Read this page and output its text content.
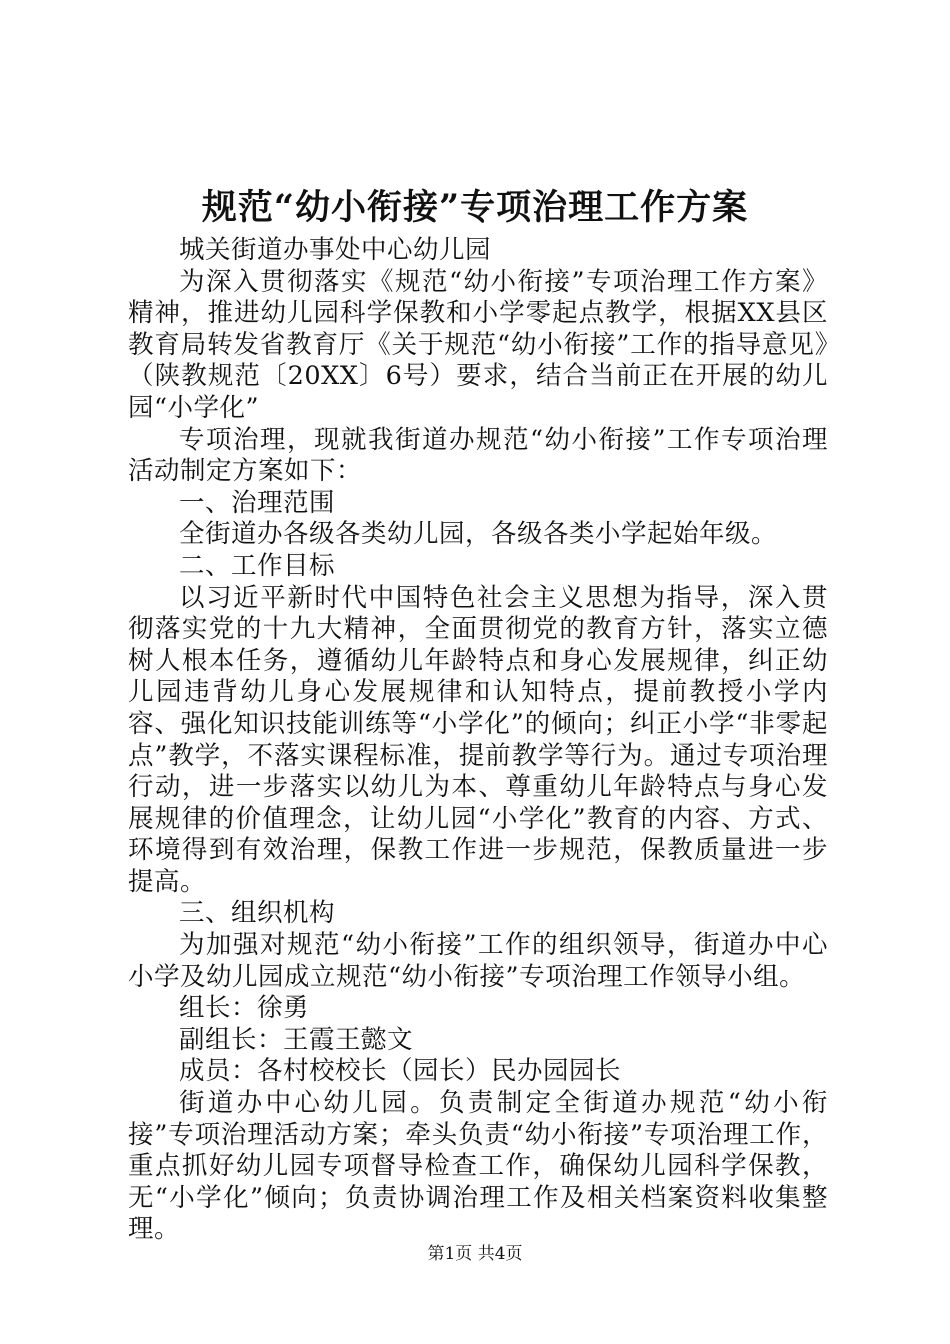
规范“幼小衔接”专项治理工作方案

城关街道办事处中心幼儿园

为深入贯彻落实《规范“幼小衔接”专项治理工作方案》精神，推进幼儿园科学保教和小学零起点教学，根据XX县区教育局转发省教育厅《关于规范“幼小衔接”工作的指导意见》（陕教规范〔20XX〕6号）要求，结合当前正在开展的幼儿园“小学化”

专项治理，现就我街道办规范“幼小衔接”工作专项治理活动制定方案如下：

一、治理范围

全街道办各级各类幼儿园，各级各类小学起始年级。

二、工作目标

以习近平新时代中国特色社会主义思想为指导，深入贯彻落实党的十九大精神，全面贯彻党的教育方针，落实立德树人根本任务，遵循幼儿年龄特点和身心发展规律，纠正幼儿园违背幼儿身心发展规律和认知特点，提前教授小学内容、强化知识技能训练等“小学化”的倾向；纠正小学“非零起点”教学，不落实课程标准，提前教学等行为。通过专项治理行动，进一步落实以幼儿为本、尊重幼儿年龄特点与身心发展规律的价值理念，让幼儿园“小学化”教育的内容、方式、环境得到有效治理，保教工作进一步规范，保教质量进一步提高。

三、组织机构

为加强对规范“幼小衔接”工作的组织领导，街道办中心小学及幼儿园成立规范“幼小衔接”专项治理工作领导小组。

组长：徐勇

副组长：王霞王懿文

成员：各村校校长（园长）民办园园长

街道办中心幼儿园。负责制定全街道办规范“幼小衔接”专项治理活动方案；牵头负责“幼小衔接”专项治理工作，重点抓好幼儿园专项督导检查工作，确保幼儿园科学保教，无“小学化”倾向；负责协调治理工作及相关档案资料收集整理。

第1页 共4页
